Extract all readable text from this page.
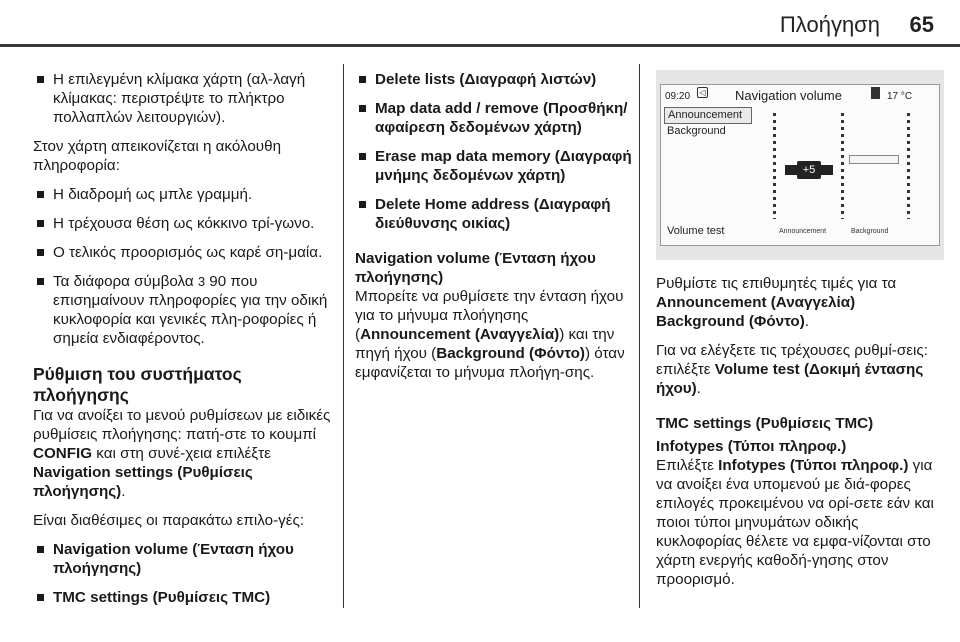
Πλοήγηση 65
Η επιλεγμένη κλίμακα χάρτη (αλ-λαγή κλίμακας: περιστρέψτε το πλήκτρο πολλαπλών λειτουργιών).
Στον χάρτη απεικονίζεται η ακόλουθη πληροφορία:
Η διαδρομή ως μπλε γραμμή.
Η τρέχουσα θέση ως κόκκινο τρί-γωνο.
Ο τελικός προορισμός ως καρέ ση-μαία.
Τα διάφορα σύμβολα 3 90 που επισημαίνουν πληροφορίες για την οδική κυκλοφορία και γενικές πλη-ροφορίες ή σημεία ενδιαφέροντος.
Ρύθμιση του συστήματος πλοήγησης
Για να ανοίξει το μενού ρυθμίσεων με ειδικές ρυθμίσεις πλοήγησης: πατή-στε το κουμπί CONFIG και στη συνέ-χεια επιλέξτε Navigation settings (Ρυθμίσεις πλοήγησης).
Είναι διαθέσιμες οι παρακάτω επιλο-γές:
Navigation volume (Ένταση ήχου πλοήγησης)
TMC settings (Ρυθμίσεις TMC)
Delete lists (Διαγραφή λιστών)
Map data add / remove (Προσθήκη/ αφαίρεση δεδομένων χάρτη)
Erase map data memory (Διαγραφή μνήμης δεδομένων χάρτη)
Delete Home address (Διαγραφή διεύθυνσης οικίας)
Navigation volume (Ένταση ήχου πλοήγησης)
Μπορείτε να ρυθμίσετε την ένταση ήχου για το μήνυμα πλοήγησης (Announcement (Αναγγελία)) και την πηγή ήχου (Background (Φόντο)) όταν εμφανίζεται το μήνυμα πλοήγη-σης.
09:20	◁ Navigation volume	17 °C
Announcement
Background
+5
Volume test	Announcement	Background
Ρυθμίστε τις επιθυμητές τιμές για τα
Announcement (Αναγγελία)
Background (Φόντο).
Για να ελέγξετε τις τρέχουσες ρυθμί-σεις: επιλέξτε Volume test (Δοκιμή έντασης ήχου).
TMC settings (Ρυθμίσεις TMC)
Infotypes (Τύποι πληροφ.)
Επιλέξτε Infotypes (Τύποι πληροφ.) για να ανοίξει ένα υπομενού με διά-φορες επιλογές προκειμένου να ορί-σετε εάν και ποιοι τύποι μηνυμάτων οδικής κυκλοφορίας θέλετε να εμφα-νίζονται στο χάρτη ενεργής καθοδή-γησης στον προορισμό.
